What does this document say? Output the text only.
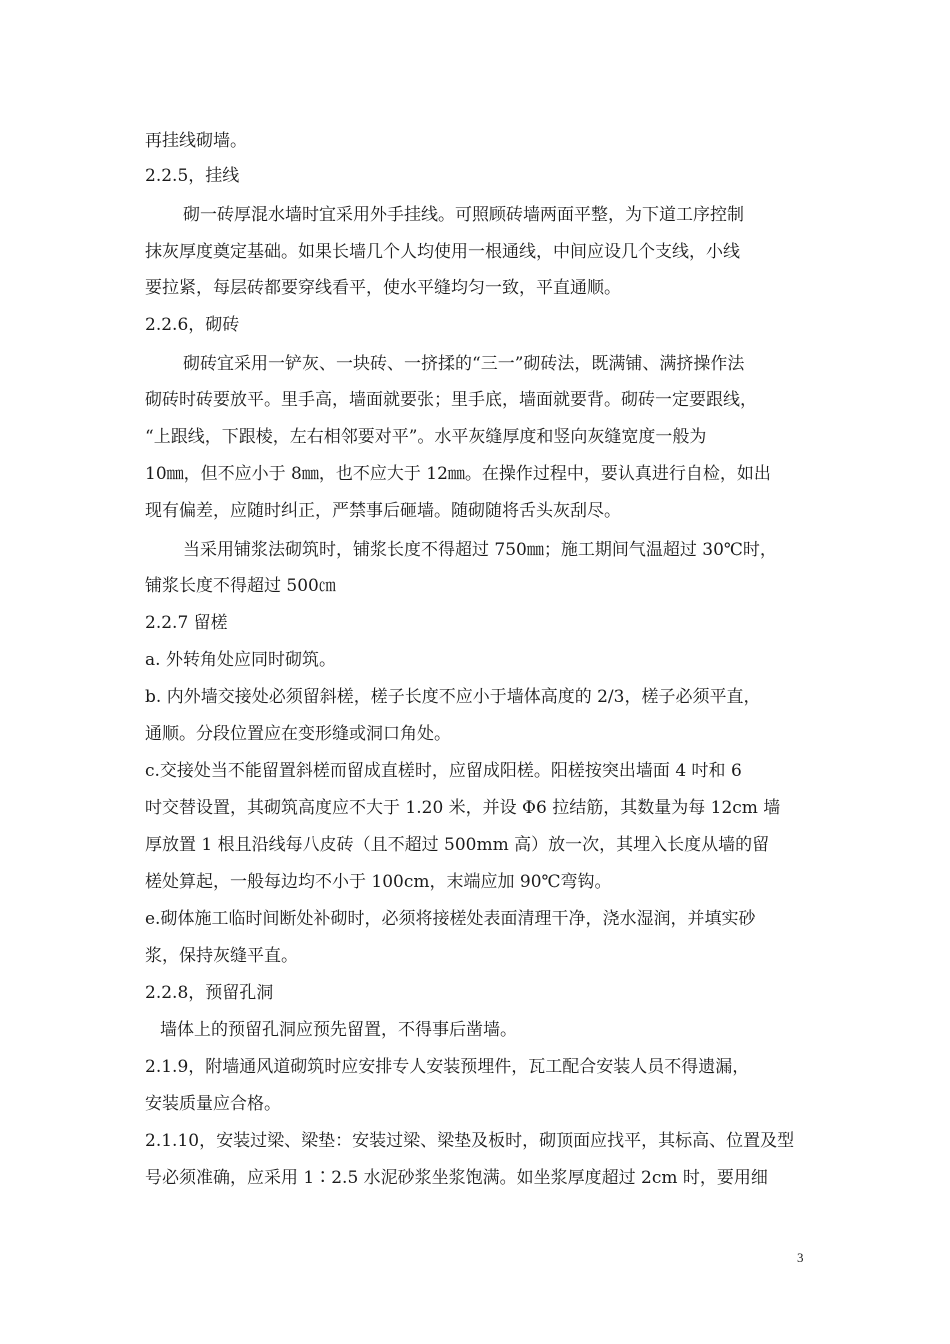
再挂线砌墙。
2.2.5，挂线
砌一砖厚混水墙时宜采用外手挂线。可照顾砖墙两面平整，为下道工序控制
抹灰厚度奠定基础。如果长墙几个人均使用一根通线，中间应设几个支线，小线
要拉紧，每层砖都要穿线看平，使水平缝均匀一致，平直通顺。
2.2.6，砌砖
砌砖宜采用一铲灰、一块砖、一挤揉的“三一”砌砖法，既满铺、满挤操作法
砌砖时砖要放平。里手高，墙面就要张；里手底，墙面就要背。砌砖一定要跟线，
“上跟线，下跟棱，左右相邻要对平”。水平灰缝厚度和竖向灰缝宽度一般为
10㎜，但不应小于 8㎜，也不应大于 12㎜。在操作过程中，要认真进行自检，如出
现有偏差，应随时纠正，严禁事后砸墙。随砌随将舌头灰刮尽。
当采用铺浆法砌筑时，铺浆长度不得超过 750㎜；施工期间气温超过 30℃时，
铺浆长度不得超过 500㎝
2.2.7 留槎
a. 外转角处应同时砌筑。
b. 内外墙交接处必须留斜槎，槎子长度不应小于墙体高度的 2/3，槎子必须平直，
通顺。分段位置应在变形缝或洞口角处。
c.交接处当不能留置斜槎而留成直槎时，应留成阳槎。阳槎按突出墙面 4 吋和 6
吋交替设置，其砌筑高度应不大于 1.20 米，并设 Φ6 拉结筋，其数量为每 12cm 墙
厚放置 1 根且沿线每八皮砖（且不超过 500mm 高）放一次，其埋入长度从墙的留
槎处算起，一般每边均不小于 100cm，末端应加 90℃弯钩。
e.砌体施工临时间断处补砌时，必须将接槎处表面清理干净，浇水湿润，并填实砂
浆，保持灰缝平直。
2.2.8，预留孔洞
墙体上的预留孔洞应预先留置，不得事后凿墙。
2.1.9，附墙通风道砌筑时应安排专人安装预埋件，瓦工配合安装人员不得遗漏，
安装质量应合格。
2.1.10，安装过梁、梁垫：安装过梁、梁垫及板时，砌顶面应找平，其标高、位置及型
号必须准确，应采用 1∶2.5 水泥砂浆坐浆饱满。如坐浆厚度超过 2cm 时，要用细
3
